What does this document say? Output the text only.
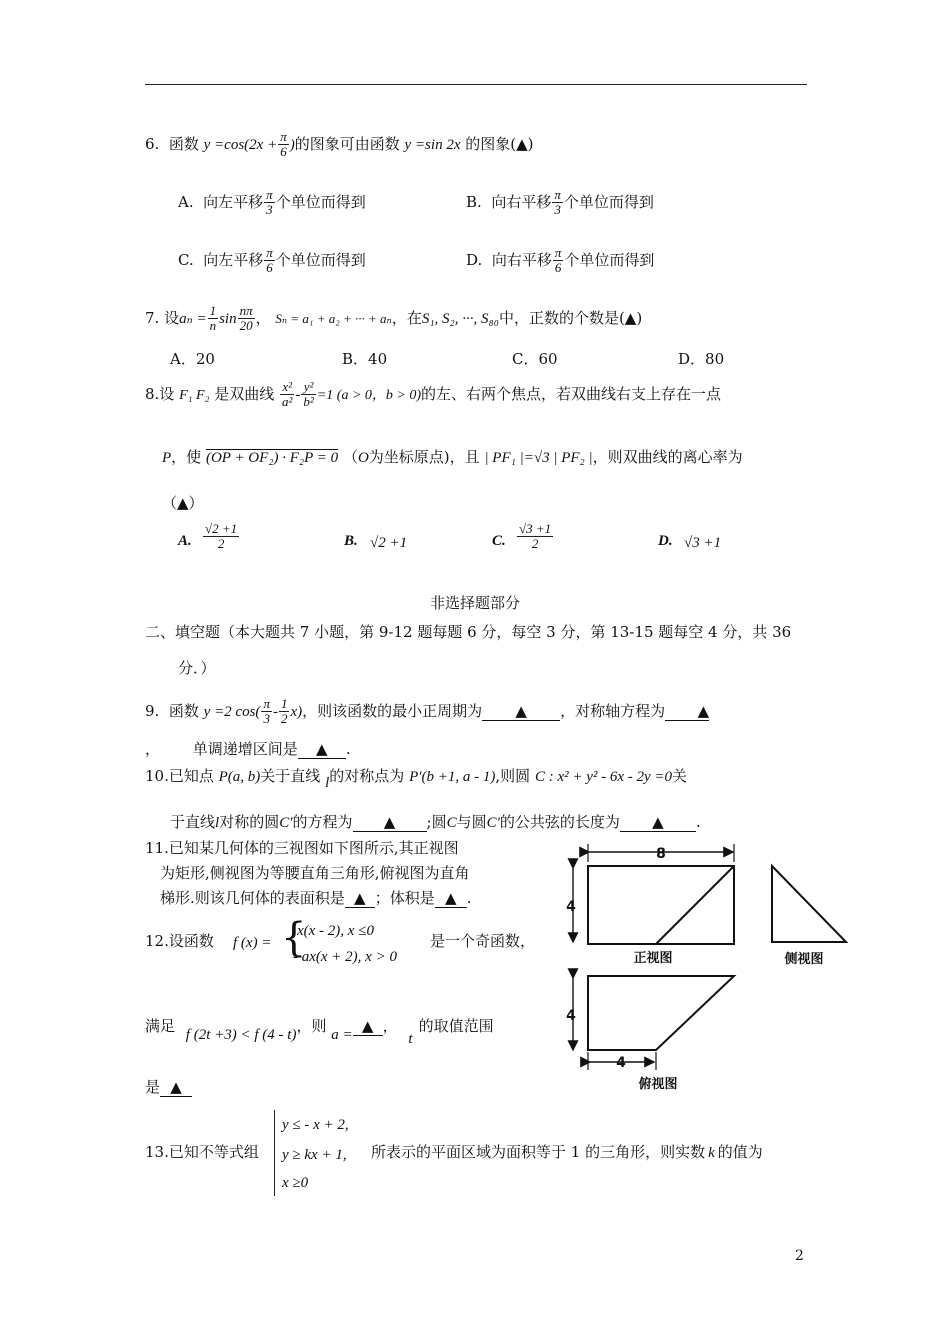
6. 函数 $y =\cos(2x + \frac{\pi}{6}$ )的图象可由函数 y =sin 2x 的图象(▲)
A. 向左平移 $\frac{\pi}{3}$ 个单位而得到	B. 向右平移 $\frac{\pi}{3}$ 个单位而得到
C. 向左平移 $\frac{\pi}{6}$ 个单位而得到	D. 向右平移 $\frac{\pi}{6}$ 个单位而得到
7. 设$a_n = \frac{1}{n}$ $\sin \frac{n\pi}{20}$ ， Sₙ = a₁ + a₂ + ··· + aₙ，在S₁, S₂, ···, S₈₀中，正数的个数是(▲)
A．20	B．40	C．60	D．80
8.设 F₁ F₂ 是双曲线 $\frac{\text{x²}}{\text{a²}} - \frac{\text{y²}}{\text{b²}} =1$ (a > 0，b > 0)的左、右两个焦点，若双曲线右支上存在一点
P，使 (OP + OF₂) · F₂P = 0 （O为坐标原点)，且 | PF₁ |=√3 | PF₂ |，则双曲线的离心率为
（▲）
A. $\frac{√2 +1}{2}$	B. √2 +1	C. $\frac{√3 +1}{2}$	D. √3 +1
非选择题部分
二、填空题（本大题共 7 小题，第 9-12 题每题 6 分，每空 3 分，第 13-15 题每空 4 分，共 36
分．）
9. 函数 y =2 $\cos( \frac{\pi}{3} - \frac{1}{2} x)$，则该函数的最小正周期为 ▲ ，对称轴方程为 ▲
， 单调递增区间是 ▲ .
10.已知点 P(a, b)关于直线 l的对称点为 P′(b +1, a - 1),则圆 C : x² + y² - 6x - 2y =0关
于直线l对称的圆C′的方程为 ▲ ;圆C与圆C′的公共弦的长度为 ▲ .
11.已知某几何体的三视图如下图所示,其正视图
为矩形,侧视图为等腰直角三角形,俯视图为直角
梯形.则该几何体的表面积是 ▲ ；体积是 ▲ .
12.设函数 f (x) = {
x(x - 2), x ≤0
- ax(x + 2), x > 0
是一个奇函数，
满足 f (2t +3) < f (4 - t)，则 a = ▲ ， t的取值范围
是 ▲
13.已知不等式组
y ≤ - x + 2,
y ≥ kx + 1,
x ≥0
所表示的平面区域为面积等于 1 的三角形，则实数 k 的值为
8
4
正视图	侧视图
4
4
俯视图
2
